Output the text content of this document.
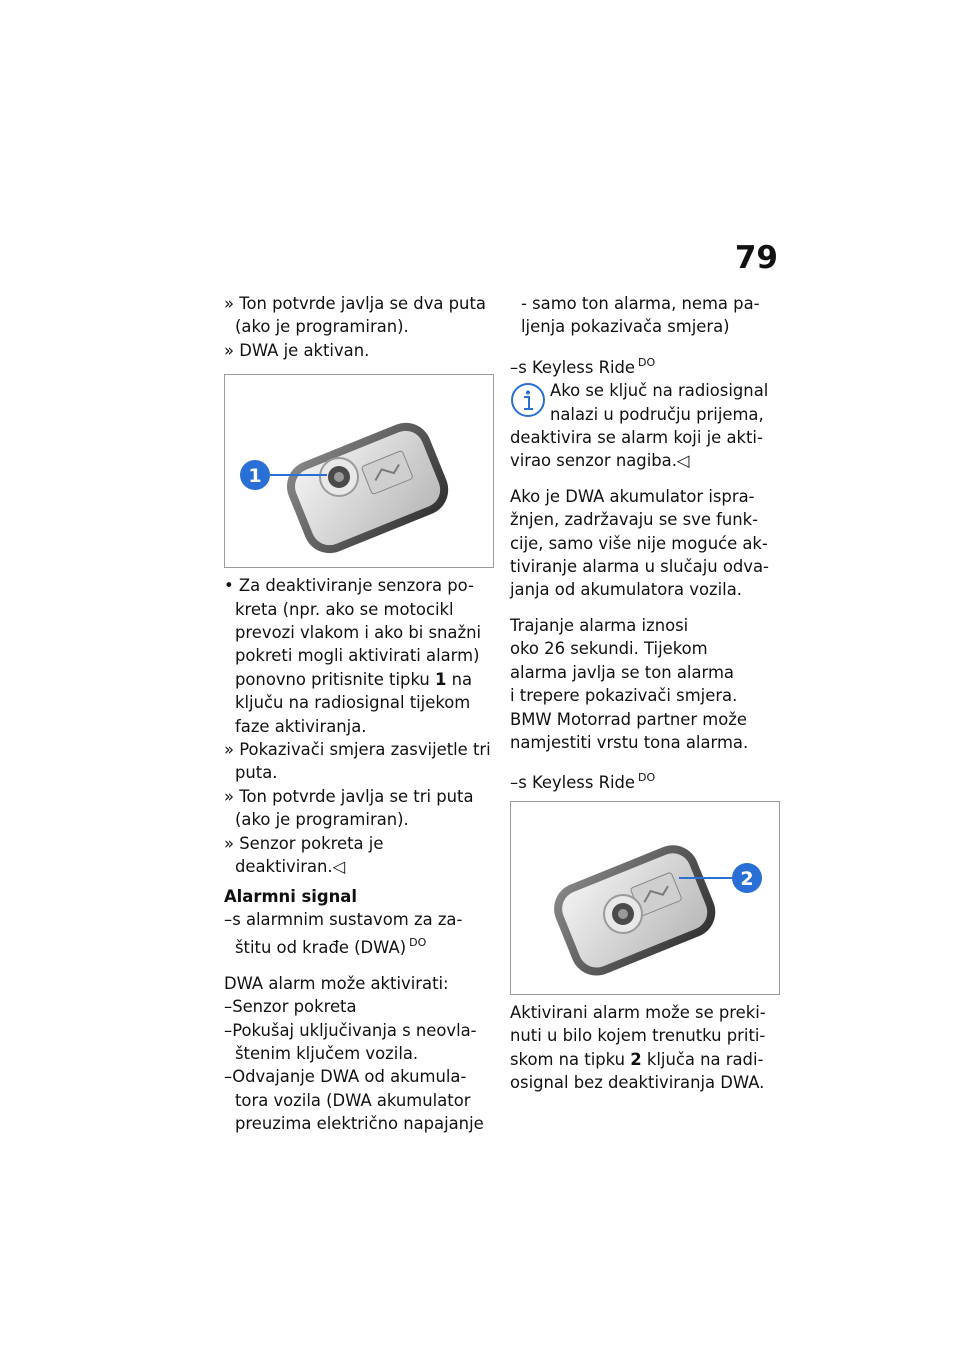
79
» Ton potvrde javlja se dva puta
(ako je programiran).
» DWA je aktivan.
1
• Za deaktiviranje senzora po-
kreta (npr. ako se motocikl
prevozi vlakom i ako bi snažni
pokreti mogli aktivirati alarm)
ponovno pritisnite tipku 1 na
ključu na radiosignal tijekom
faze aktiviranja.
» Pokazivači smjera zasvijetle tri
puta.
» Ton potvrde javlja se tri puta
(ako je programiran).
» Senzor pokreta je
deaktiviran.◁
Alarmni signal
–s alarmnim sustavom za za-
štitu od krađe (DWA) $^{DO}$
DWA alarm može aktivirati:
–Senzor pokreta
–Pokušaj uključivanja s neovla-
štenim ključem vozila.
–Odvajanje DWA od akumula-
tora vozila (DWA akumulator
preuzima električno napajanje
- samo ton alarma, nema pa-
ljenja pokazivača smjera)
–s Keyless Ride $^{DO}$
Ako se ključ na radiosignal
nalazi u području prijema,
deaktivira se alarm koji je akti-
virao senzor nagiba.◁
Ako je DWA akumulator ispra-
žnjen, zadržavaju se sve funk-
cije, samo više nije moguće ak-
tiviranje alarma u slučaju odva-
janja od akumulatora vozila.
Trajanje alarma iznosi
oko 26 sekundi. Tijekom
alarma javlja se ton alarma
i trepere pokazivači smjera.
BMW Motorrad partner može
namjestiti vrstu tona alarma.
–s Keyless Ride $^{DO}$
2
Aktivirani alarm može se preki-
nuti u bilo kojem trenutku priti-
skom na tipku 2 ključa na radi-
osignal bez deaktiviranja DWA.
